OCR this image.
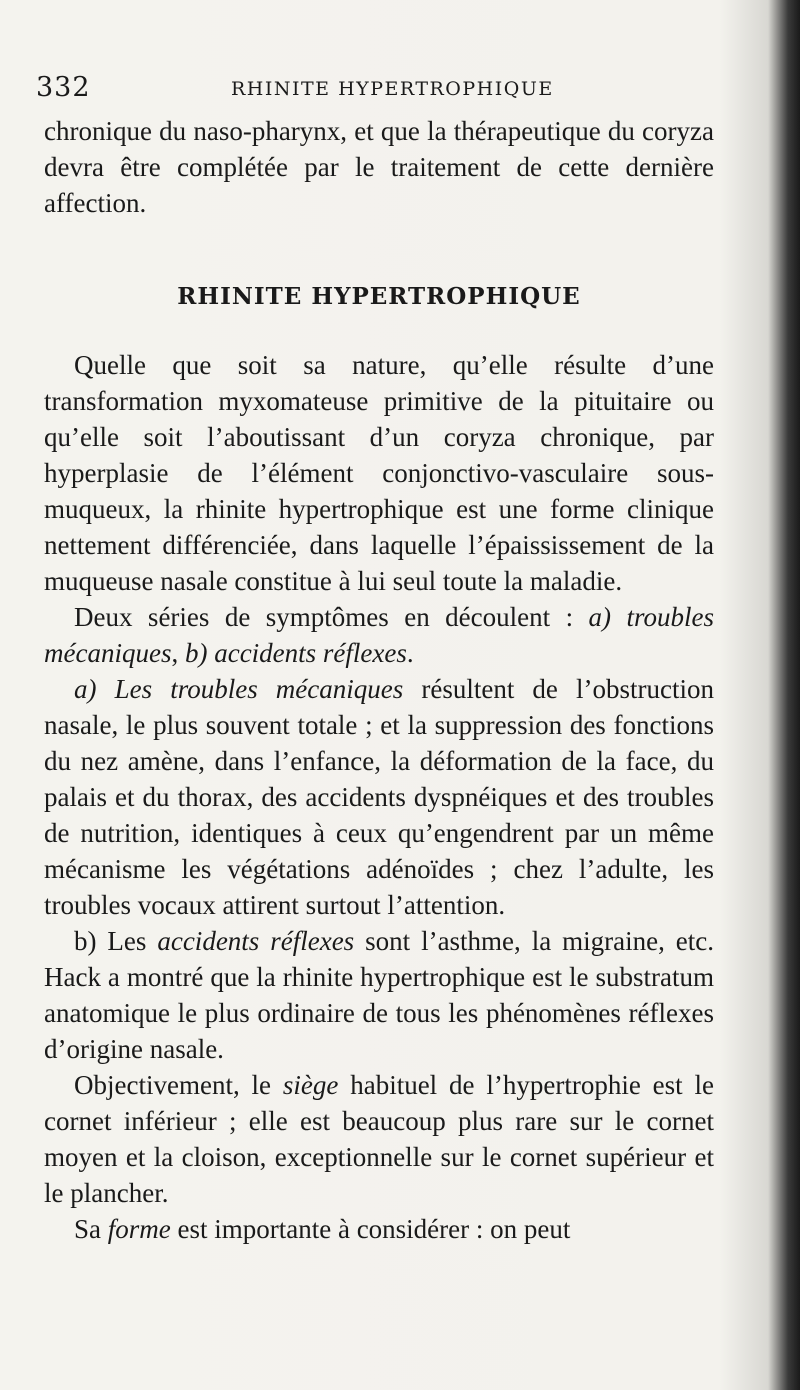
332	RHINITE HYPERTROPHIQUE

chronique du naso-pharynx, et que la thérapeutique du coryza devra être complétée par le traitement de cette dernière affection.

RHINITE HYPERTROPHIQUE

Quelle que soit sa nature, qu’elle résulte d’une transformation myxomateuse primitive de la pituitaire ou qu’elle soit l’aboutissant d’un coryza chronique, par hyperplasie de l’élément conjonctivo-vasculaire sous-muqueux, la rhinite hypertrophique est une forme clinique nettement différenciée, dans laquelle l’épaississement de la muqueuse nasale constitue à lui seul toute la maladie.

Deux séries de symptômes en découlent : a) troubles mécaniques, b) accidents réflexes.

a) Les troubles mécaniques résultent de l’obstruction nasale, le plus souvent totale ; et la suppression des fonctions du nez amène, dans l’enfance, la déformation de la face, du palais et du thorax, des accidents dyspnéiques et des troubles de nutrition, identiques à ceux qu’engendrent par un même mécanisme les végétations adénoïdes ; chez l’adulte, les troubles vocaux attirent surtout l’attention.

b) Les accidents réflexes sont l’asthme, la migraine, etc. Hack a montré que la rhinite hypertrophique est le substratum anatomique le plus ordinaire de tous les phénomènes réflexes d’origine nasale.

Objectivement, le siège habituel de l’hypertrophie est le cornet inférieur ; elle est beaucoup plus rare sur le cornet moyen et la cloison, exceptionnelle sur le cornet supérieur et le plancher.

Sa forme est importante à considérer : on peut
